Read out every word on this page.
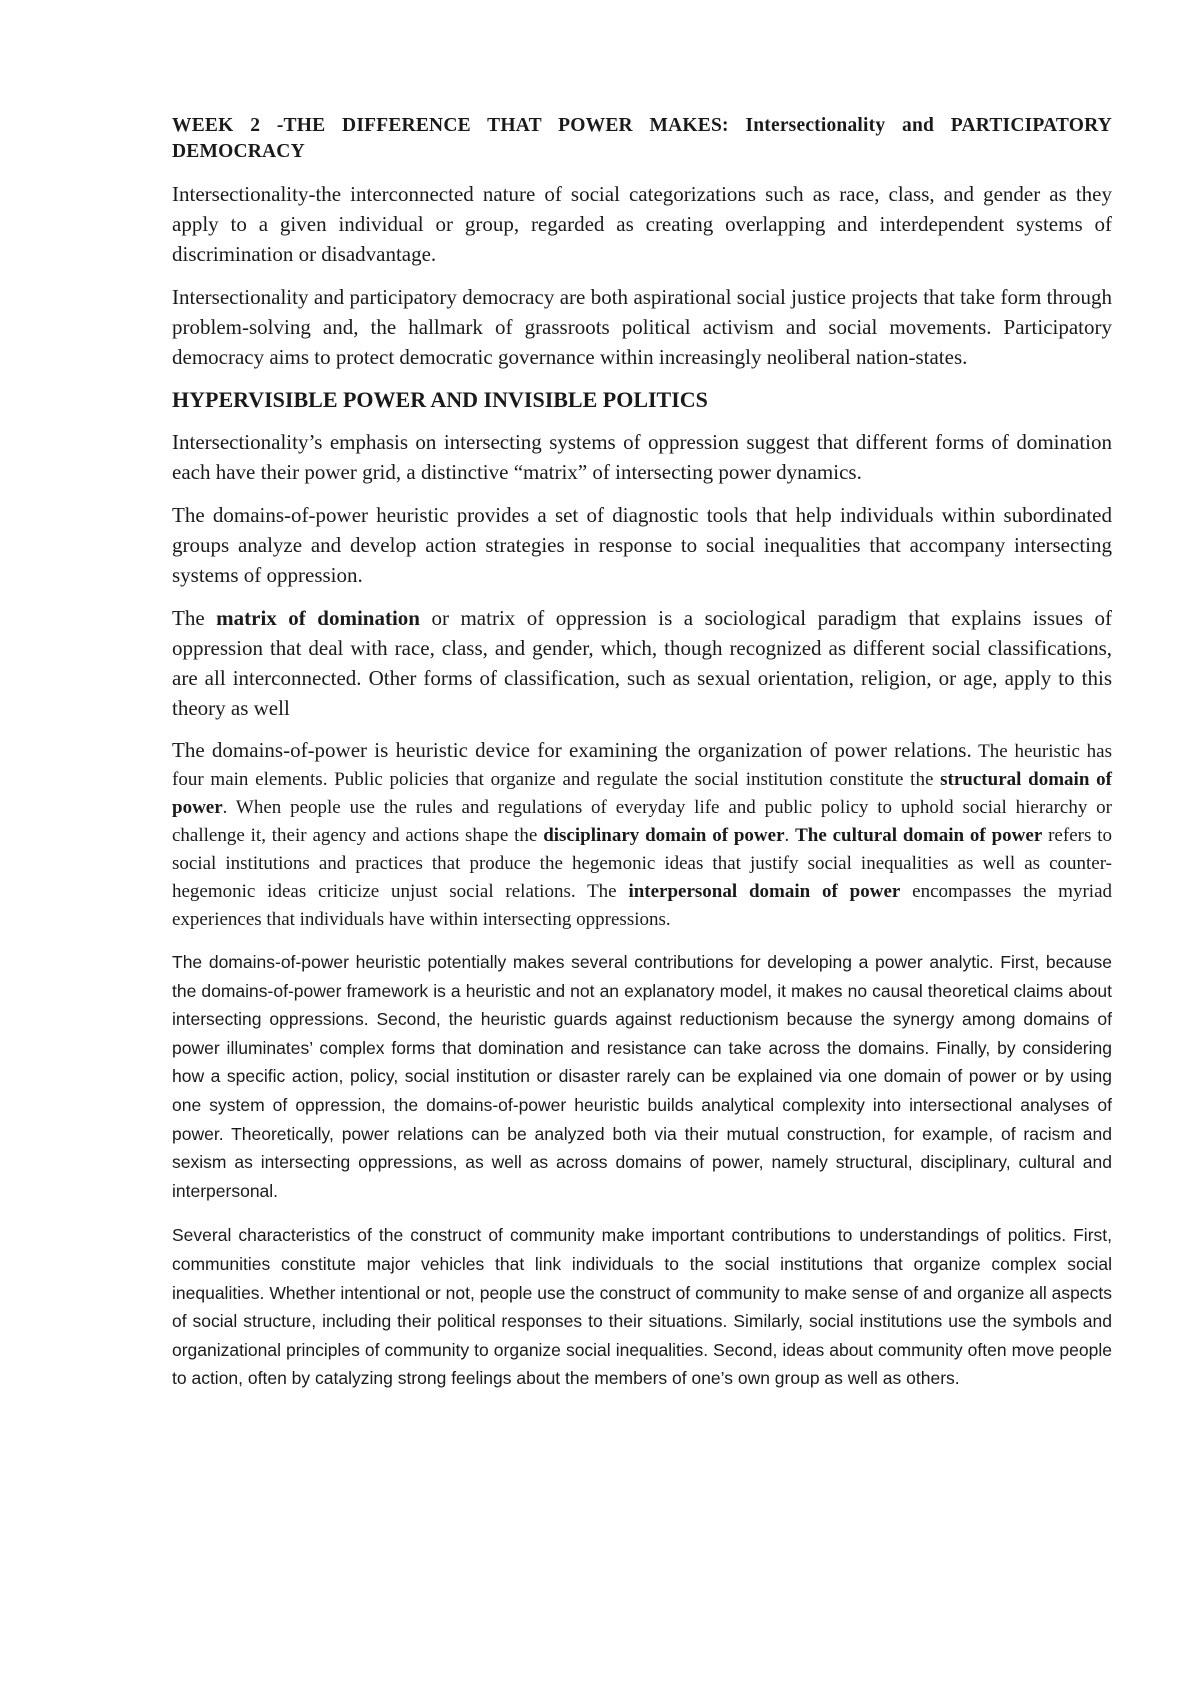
WEEK 2 -THE DIFFERENCE THAT POWER MAKES: Intersectionality and PARTICIPATORY DEMOCRACY

Intersectionality-the interconnected nature of social categorizations such as race, class, and gender as they apply to a given individual or group, regarded as creating overlapping and interdependent systems of discrimination or disadvantage.

Intersectionality and participatory democracy are both aspirational social justice projects that take form through problem-solving and, the hallmark of grassroots political activism and social movements. Participatory democracy aims to protect democratic governance within increasingly neoliberal nation-states.

HYPERVISIBLE POWER AND INVISIBLE POLITICS

Intersectionality’s emphasis on intersecting systems of oppression suggest that different forms of domination each have their power grid, a distinctive “matrix” of intersecting power dynamics.

The domains-of-power heuristic provides a set of diagnostic tools that help individuals within subordinated groups analyze and develop action strategies in response to social inequalities that accompany intersecting systems of oppression.

The matrix of domination or matrix of oppression is a sociological paradigm that explains issues of oppression that deal with race, class, and gender, which, though recognized as different social classifications, are all interconnected. Other forms of classification, such as sexual orientation, religion, or age, apply to this theory as well

The domains-of-power is heuristic device for examining the organization of power relations. The heuristic has four main elements. Public policies that organize and regulate the social institution constitute the structural domain of power. When people use the rules and regulations of everyday life and public policy to uphold social hierarchy or challenge it, their agency and actions shape the disciplinary domain of power. The cultural domain of power refers to social institutions and practices that produce the hegemonic ideas that justify social inequalities as well as counter-hegemonic ideas criticize unjust social relations. The interpersonal domain of power encompasses the myriad experiences that individuals have within intersecting oppressions.

The domains-of-power heuristic potentially makes several contributions for developing a power analytic. First, because the domains-of-power framework is a heuristic and not an explanatory model, it makes no causal theoretical claims about intersecting oppressions. Second, the heuristic guards against reductionism because the synergy among domains of power illuminates’ complex forms that domination and resistance can take across the domains. Finally, by considering how a specific action, policy, social institution or disaster rarely can be explained via one domain of power or by using one system of oppression, the domains-of-power heuristic builds analytical complexity into intersectional analyses of power. Theoretically, power relations can be analyzed both via their mutual construction, for example, of racism and sexism as intersecting oppressions, as well as across domains of power, namely structural, disciplinary, cultural and interpersonal.

Several characteristics of the construct of community make important contributions to understandings of politics. First, communities constitute major vehicles that link individuals to the social institutions that organize complex social inequalities. Whether intentional or not, people use the construct of community to make sense of and organize all aspects of social structure, including their political responses to their situations. Similarly, social institutions use the symbols and organizational principles of community to organize social inequalities. Second, ideas about community often move people to action, often by catalyzing strong feelings about the members of one’s own group as well as others.
